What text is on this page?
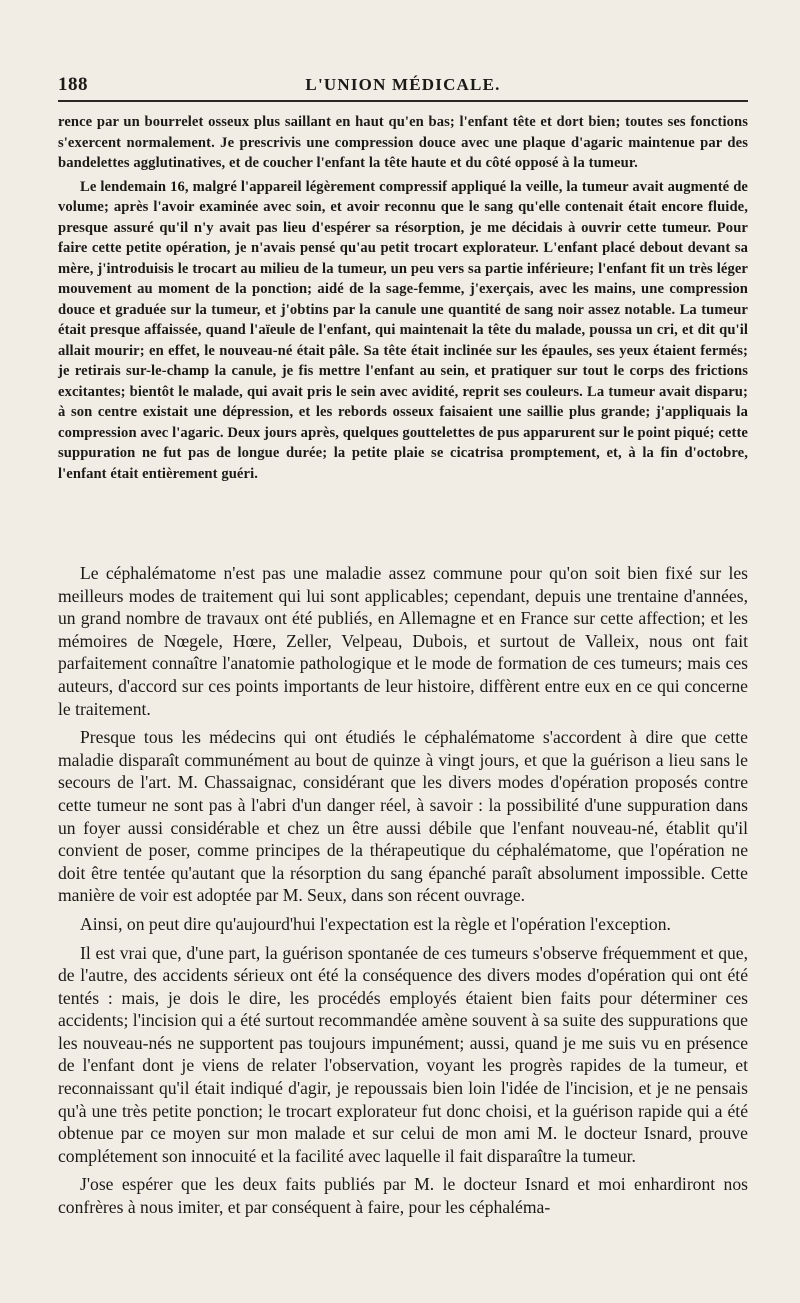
188	L'UNION MÉDICALE.

rence par un bourrelet osseux plus saillant en haut qu'en bas; l'enfant tête et dort bien; toutes ses fonctions s'exercent normalement. Je prescrivis une compression douce avec une plaque d'agaric maintenue par des bandelettes agglutinatives, et de coucher l'enfant la tête haute et du côté opposé à la tumeur.

Le lendemain 16, malgré l'appareil légèrement compressif appliqué la veille, la tumeur avait augmenté de volume; après l'avoir examinée avec soin, et avoir reconnu que le sang qu'elle contenait était encore fluide, presque assuré qu'il n'y avait pas lieu d'espérer sa résorption, je me décidais à ouvrir cette tumeur. Pour faire cette petite opération, je n'avais pensé qu'au petit trocart explorateur. L'enfant placé debout devant sa mère, j'introduisis le trocart au milieu de la tumeur, un peu vers sa partie inférieure; l'enfant fit un très léger mouvement au moment de la ponction; aidé de la sage-femme, j'exerçais, avec les mains, une compression douce et graduée sur la tumeur, et j'obtins par la canule une quantité de sang noir assez notable. La tumeur était presque affaissée, quand l'aïeule de l'enfant, qui maintenait la tête du malade, poussa un cri, et dit qu'il allait mourir; en effet, le nouveau-né était pâle. Sa tête était inclinée sur les épaules, ses yeux étaient fermés; je retirais sur-le-champ la canule, je fis mettre l'enfant au sein, et pratiquer sur tout le corps des frictions excitantes; bientôt le malade, qui avait pris le sein avec avidité, reprit ses couleurs. La tumeur avait disparu; à son centre existait une dépression, et les rebords osseux faisaient une saillie plus grande; j'appliquais la compression avec l'agaric. Deux jours après, quelques gouttelettes de pus apparurent sur le point piqué; cette suppuration ne fut pas de longue durée; la petite plaie se cicatrisa promptement, et, à la fin d'octobre, l'enfant était entièrement guéri.

Le céphalématome n'est pas une maladie assez commune pour qu'on soit bien fixé sur les meilleurs modes de traitement qui lui sont applicables; cependant, depuis une trentaine d'années, un grand nombre de travaux ont été publiés, en Allemagne et en France sur cette affection; et les mémoires de Nœgele, Hœre, Zeller, Velpeau, Dubois, et surtout de Valleix, nous ont fait parfaitement connaître l'anatomie pathologique et le mode de formation de ces tumeurs; mais ces auteurs, d'accord sur ces points importants de leur histoire, diffèrent entre eux en ce qui concerne le traitement.

Presque tous les médecins qui ont étudiés le céphalématome s'accordent à dire que cette maladie disparaît communément au bout de quinze à vingt jours, et que la guérison a lieu sans le secours de l'art. M. Chassaignac, considérant que les divers modes d'opération proposés contre cette tumeur ne sont pas à l'abri d'un danger réel, à savoir : la possibilité d'une suppuration dans un foyer aussi considérable et chez un être aussi débile que l'enfant nouveau-né, établit qu'il convient de poser, comme principes de la thérapeutique du céphalématome, que l'opération ne doit être tentée qu'autant que la résorption du sang épanché paraît absolument impossible. Cette manière de voir est adoptée par M. Seux, dans son récent ouvrage.

Ainsi, on peut dire qu'aujourd'hui l'expectation est la règle et l'opération l'exception.

Il est vrai que, d'une part, la guérison spontanée de ces tumeurs s'observe fréquemment et que, de l'autre, des accidents sérieux ont été la conséquence des divers modes d'opération qui ont été tentés : mais, je dois le dire, les procédés employés étaient bien faits pour déterminer ces accidents; l'incision qui a été surtout recommandée amène souvent à sa suite des suppurations que les nouveau-nés ne supportent pas toujours impunément; aussi, quand je me suis vu en présence de l'enfant dont je viens de relater l'observation, voyant les progrès rapides de la tumeur, et reconnaissant qu'il était indiqué d'agir, je repoussais bien loin l'idée de l'incision, et je ne pensais qu'à une très petite ponction; le trocart explorateur fut donc choisi, et la guérison rapide qui a été obtenue par ce moyen sur mon malade et sur celui de mon ami M. le docteur Isnard, prouve complétement son innocuité et la facilité avec laquelle il fait disparaître la tumeur.

J'ose espérer que les deux faits publiés par M. le docteur Isnard et moi enhardiront nos confrères à nous imiter, et par conséquent à faire, pour les céphaléma-
